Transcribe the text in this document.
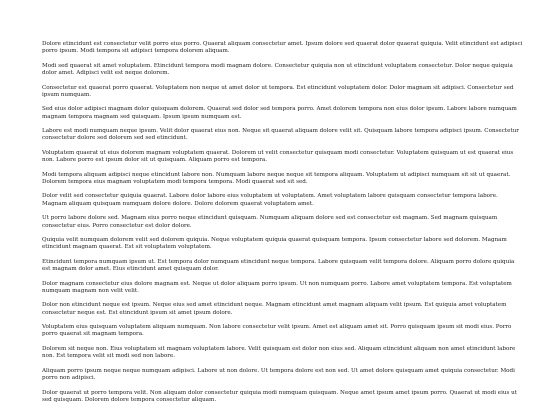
Dolore etincidunt est consectetur velit porro eius porro. Quaerat aliquam consectetur amet. Ipsum dolore sed quaerat dolor quaerat quiquia. Velit etincidunt est adipisci porro ipsum. Modi tempora sit adipisci tempora dolorem aliquam.

Modi sed quaerat sit amet voluptatem. Etincidunt tempora modi magnam dolore. Consectetur quiquia non ut etincidunt voluptatem consectetur. Dolor neque quiquia dolor amet. Adipisci velit est neque dolorem.

Consectetur est quaerat porro quaerat. Voluptatem non neque ut amet dolor ut tempora. Est etincidunt voluptatem dolor. Dolor magnam sit adipisci. Consectetur sed ipsum numquam.

Sed eius dolor adipisci magnam dolor quisquam dolorem. Quaerat sed dolor sed tempora porro. Amet dolorem tempora non eius dolor ipsum. Labore labore numquam magnam tempora magnam sed quisquam. Ipsum ipsum numquam est.

Labore est modi numquam neque ipsum. Velit dolor quaerat eius non. Neque sit quaerat aliquam dolore velit sit. Quisquam labore tempora adipisci ipsum. Consectetur consectetur dolore sed dolorem sed sed etincidunt.

Voluptatem quaerat ut eius dolorem magnam voluptatem quaerat. Dolorem ut velit consectetur quisquam modi consectetur. Voluptatem quisquam ut est quaerat eius non. Labore porro est ipsum dolor sit ut quisquam. Aliquam porro est tempora.

Modi tempora aliquam adipisci neque etincidunt labore non. Numquam labore neque neque sit tempora aliquam. Voluptatem ut adipisci numquam sit sit ut quaerat. Dolorem tempora eius magnam voluptatem modi tempora tempora. Modi quaerat sed sit sed.

Dolor velit sed consectetur quiquia quaerat. Labore dolor labore eius voluptatem ut voluptatem. Amet voluptatem labore quisquam consectetur tempora labore. Magnam aliquam quisquam numquam dolore dolore. Dolore dolorem quaerat voluptatem amet.

Ut porro labore dolore sed. Magnam eius porro neque etincidunt quisquam. Numquam aliquam dolore sed est consectetur est magnam. Sed magnam quisquam consectetur eius. Porro consectetur est dolor dolore.

Quiquia velit numquam dolorem velit sed dolorem quiquia. Neque voluptatem quiquia quaerat quisquam tempora. Ipsum consectetur labore sed dolorem. Magnam etincidunt magnam quaerat. Est sit voluptatem voluptatem.

Etincidunt tempora numquam ipsum ut. Est tempora dolor numquam etincidunt neque tempora. Labore quisquam velit tempora dolore. Aliquam porro dolore quiquia est magnam dolor amet. Eius etincidunt amet quisquam dolor.

Dolor magnam consectetur eius dolore magnam est. Neque ut dolor aliquam porro ipsum. Ut non numquam porro. Labore amet voluptatem tempora. Est voluptatem numquam magnam non velit velit.

Dolor non etincidunt neque est ipsum. Neque eius sed amet etincidunt neque. Magnam etincidunt amet magnam aliquam velit ipsum. Est quiquia amet voluptatem consectetur neque est. Est etincidunt ipsum sit amet ipsum dolore.

Voluptatem eius quisquam voluptatem aliquam numquam. Non labore consectetur velit ipsum. Amet est aliquam amet sit. Porro quisquam ipsum sit modi eius. Porro porro quaerat sit magnam tempora.

Dolorem sit neque non. Eius voluptatem sit magnam voluptatem labore. Velit quisquam est dolor non eius sed. Aliquam etincidunt aliquam non amet etincidunt labore non. Est tempora velit sit modi sed non labore.

Aliquam porro ipsum neque neque numquam adipisci. Labore ut non dolore. Ut tempora dolore est non sed. Ut amet dolore quisquam amet quiquia consectetur. Modi porro non adipisci.

Dolor quaerat ut porro tempora velit. Non aliquam dolor consectetur quiquia modi numquam quisquam. Neque amet ipsum amet ipsum porro. Quaerat ut modi eius ut sed quisquam. Dolorem dolore tempora consectetur aliquam.
